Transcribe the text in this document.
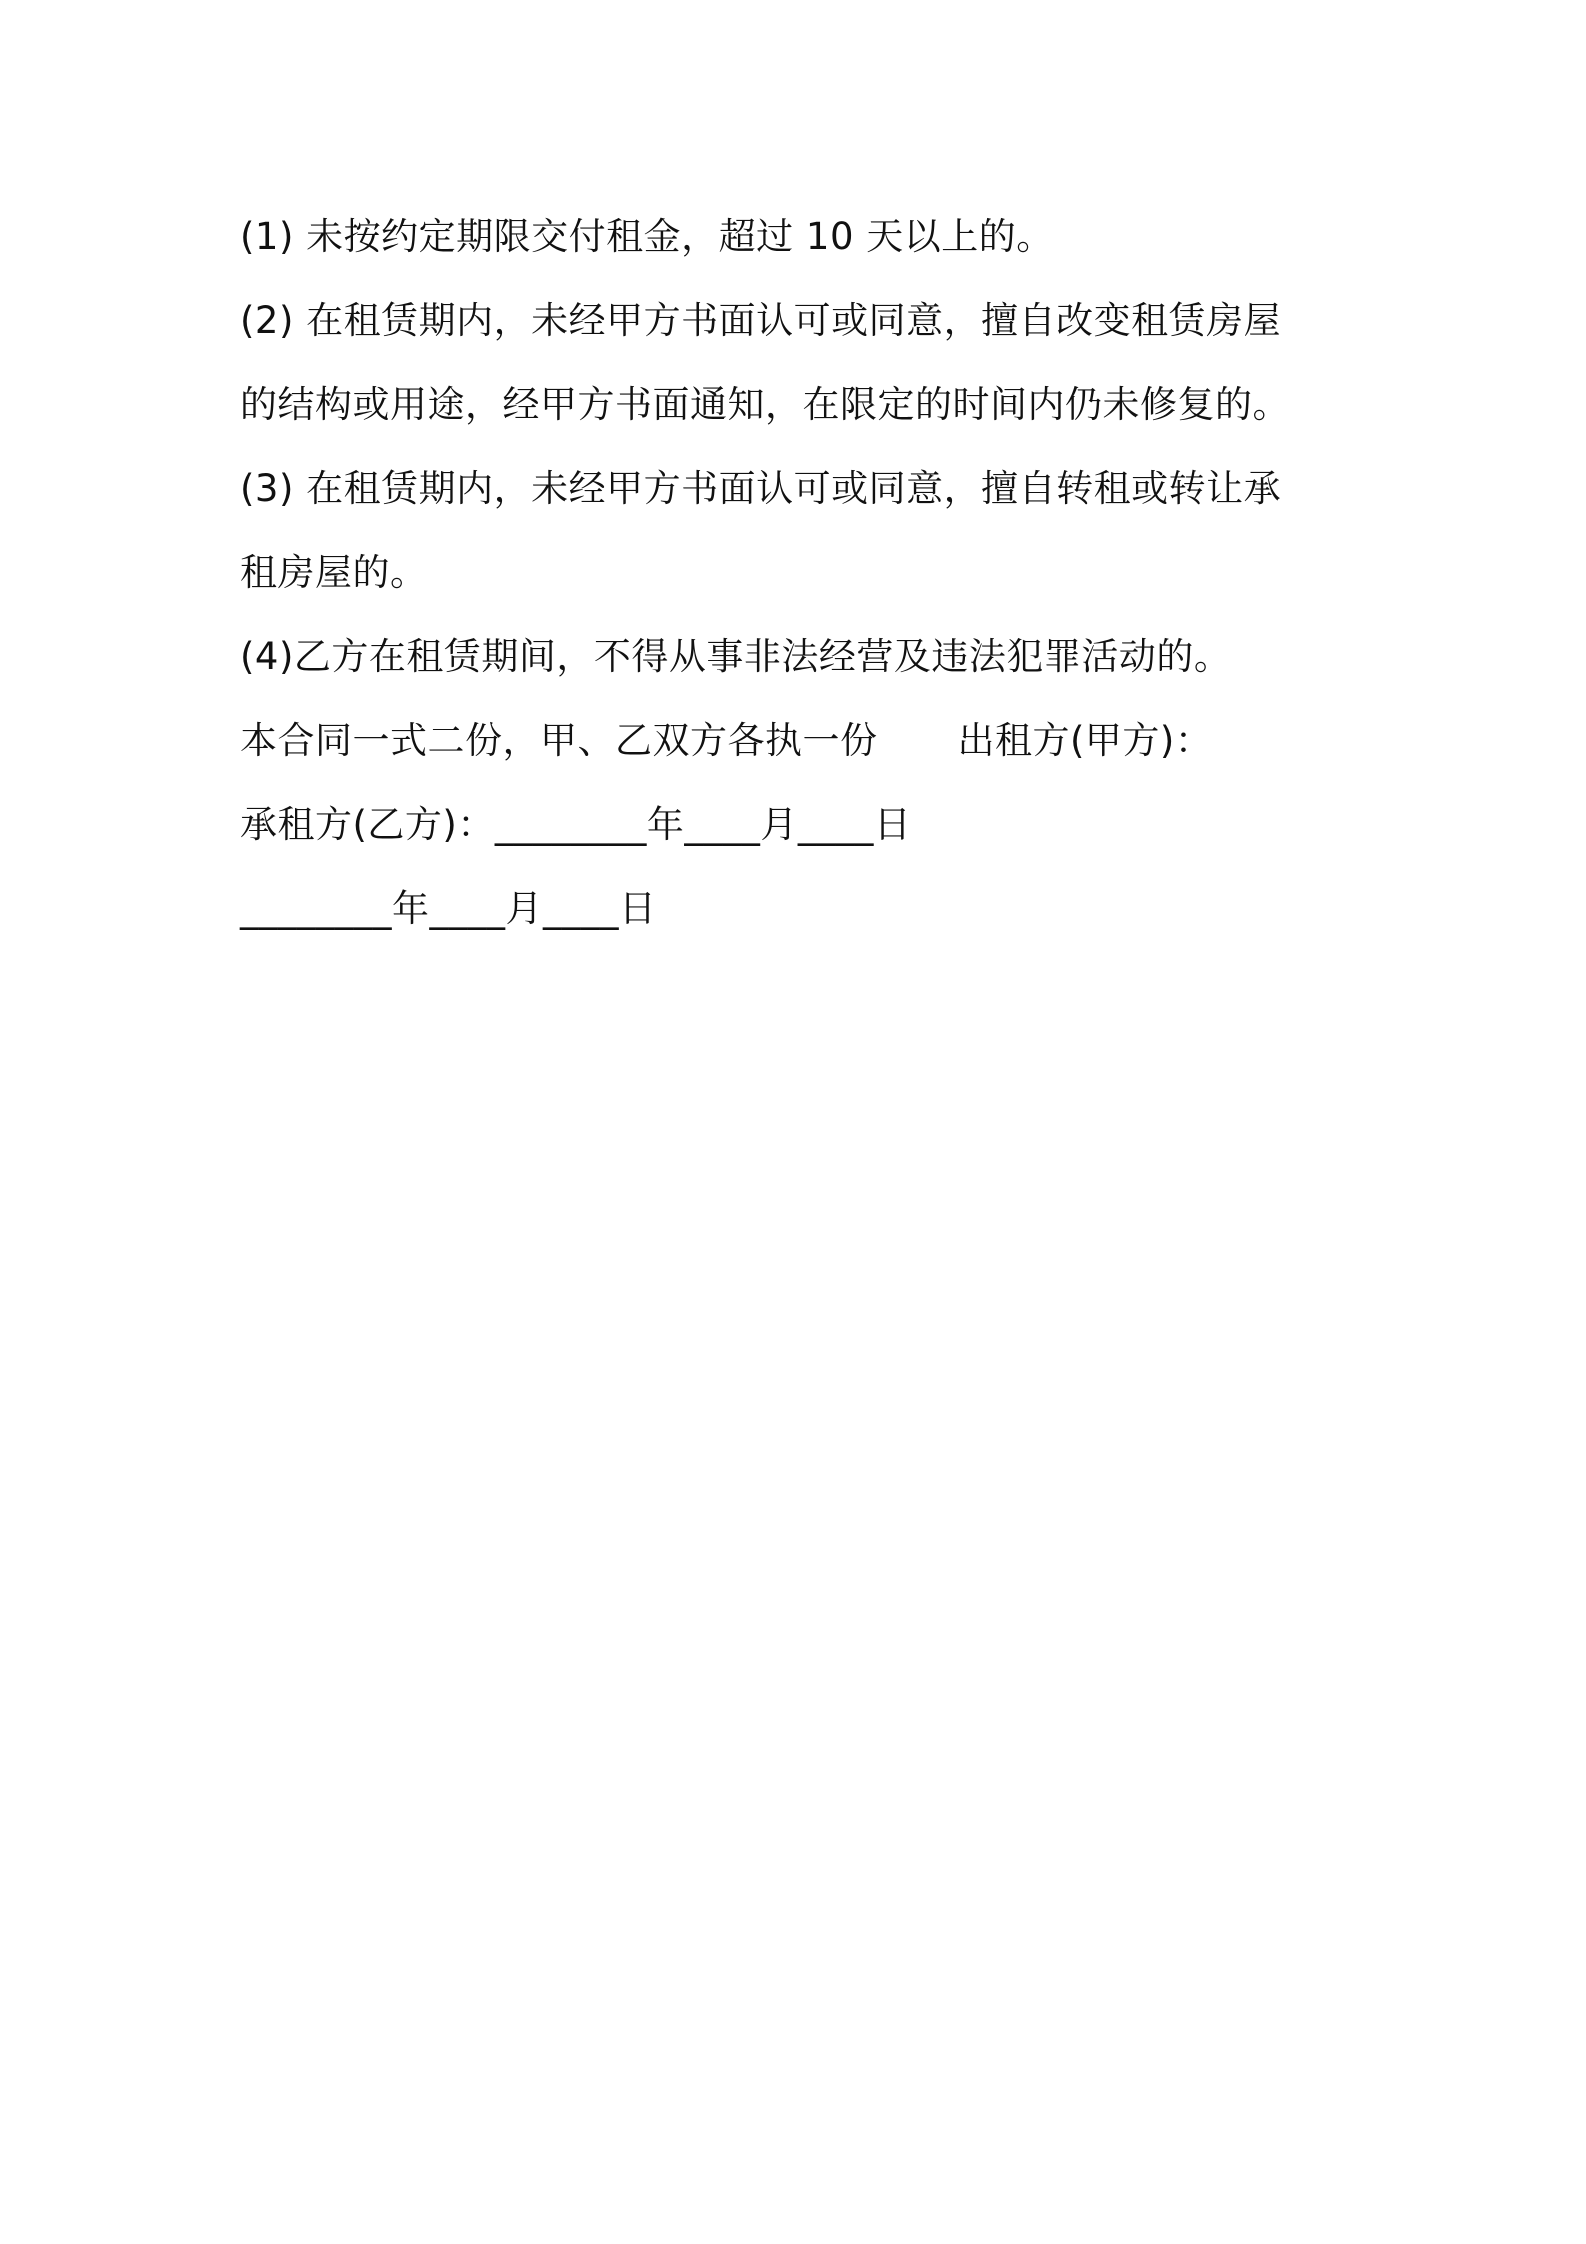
(1) 未按约定期限交付租金，超过 10 天以上的。
(2) 在租赁期内，未经甲方书面认可或同意，擅自改变租赁房屋
的结构或用途，经甲方书面通知，在限定的时间内仍未修复的。
(3) 在租赁期内，未经甲方书面认可或同意，擅自转租或转让承
租房屋的。
(4)乙方在租赁期间，不得从事非法经营及违法犯罪活动的。
本合同一式二份，甲、乙双方各执一份 出租方(甲方)：
承租方(乙方)：________年____月____日
________年____月____日
